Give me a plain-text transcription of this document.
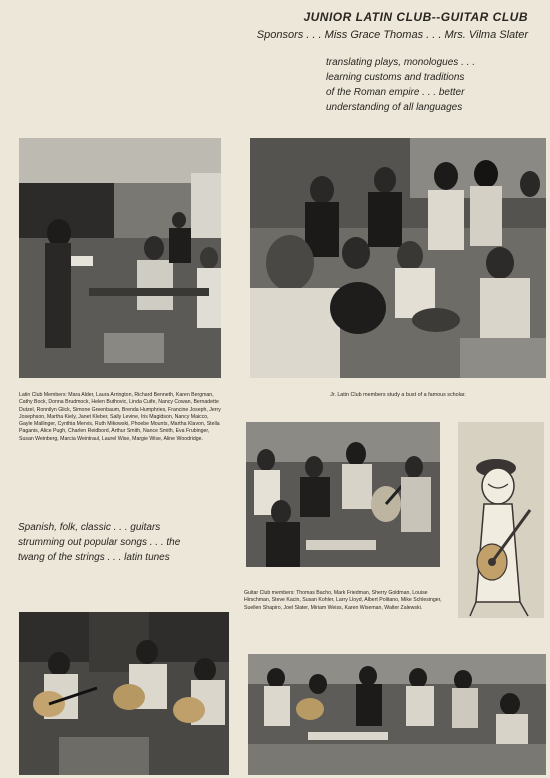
JUNIOR LATIN CLUB--GUITAR CLUB
Sponsors . . . Miss Grace Thomas . . . Mrs. Vilma Slater
translating plays, monologues . . .
learning customs and traditions
of the Roman empire . . . better
understanding of all languages
Latin Club Members: Mara Alder, Laura Arrington, Richard Benneth, Karen Bergman, Cathy Bock, Donna Brudmock, Helen Buthovic, Linda Cuife, Nancy Cowan, Bernadette Dutzel, Ronnilyn Glick, Simone Greenbaum, Brenda Humphries, Francine Joseph, Jerry Josephson, Martha Kiely, Janet Kleber, Sally Levine, Iris Magidson, Nancy Maicco, Gayle Mallinger, Cynthia Mervis, Ruth Mikowski, Phoebe Mounts, Martha Klavon, Stella Paganis, Alice Pugh, Charlen Reidbord, Arthur Smith, Nance Smith, Eva Frubinger, Susan Weinberg, Marcia Weintraul, Laurel Wise, Margie Wise, Aline Woodridge.
Jr. Latin Club members study a bust of a famous scholar.
Spanish, folk, classic . . . guitars
strumming out popular songs . . . the
twang of the strings . . . latin tunes
Guitar Club members: Thomas Bacho, Mark Friedman, Sherry Goldman, Louise Hirschman, Steve Kacin, Susan Kohler, Larry Lloyd, Albert Politano, Mike Schlesinger, Suellen Shapiro, Joel Slater, Miriam Weiss, Karen Wiseman, Walter Zalewski.
